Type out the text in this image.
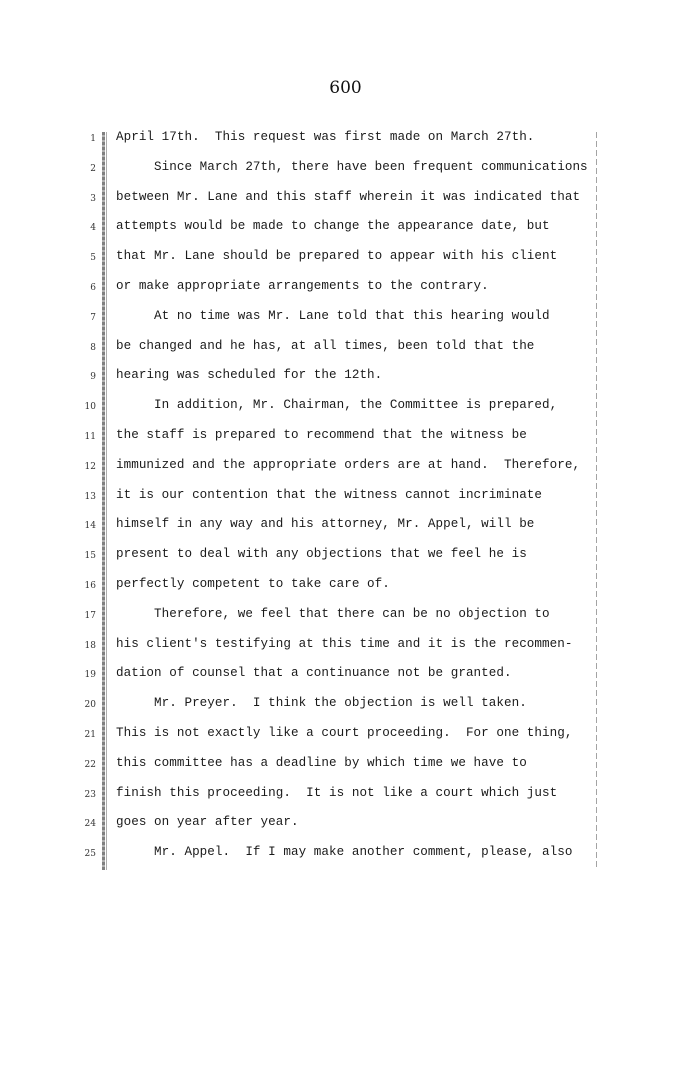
600
1
2
3
4
5
6
7
8
9
10
11
12
13
14
15
16
17
18
19
20
21
22
23
24
25
April 17th.  This request was first made on March 27th.
Since March 27th, there have been frequent communications
between Mr. Lane and this staff wherein it was indicated that
attempts would be made to change the appearance date, but
that Mr. Lane should be prepared to appear with his client
or make appropriate arrangements to the contrary.
At no time was Mr. Lane told that this hearing would
be changed and he has, at all times, been told that the
hearing was scheduled for the 12th.
In addition, Mr. Chairman, the Committee is prepared,
the staff is prepared to recommend that the witness be
immunized and the appropriate orders are at hand.  Therefore,
it is our contention that the witness cannot incriminate
himself in any way and his attorney, Mr. Appel, will be
present to deal with any objections that we feel he is
perfectly competent to take care of.
Therefore, we feel that there can be no objection to
his client's testifying at this time and it is the recommen-
dation of counsel that a continuance not be granted.
Mr. Preyer.  I think the objection is well taken.
This is not exactly like a court proceeding.  For one thing,
this committee has a deadline by which time we have to
finish this proceeding.  It is not like a court which just
goes on year after year.
Mr. Appel.  If I may make another comment, please, also
